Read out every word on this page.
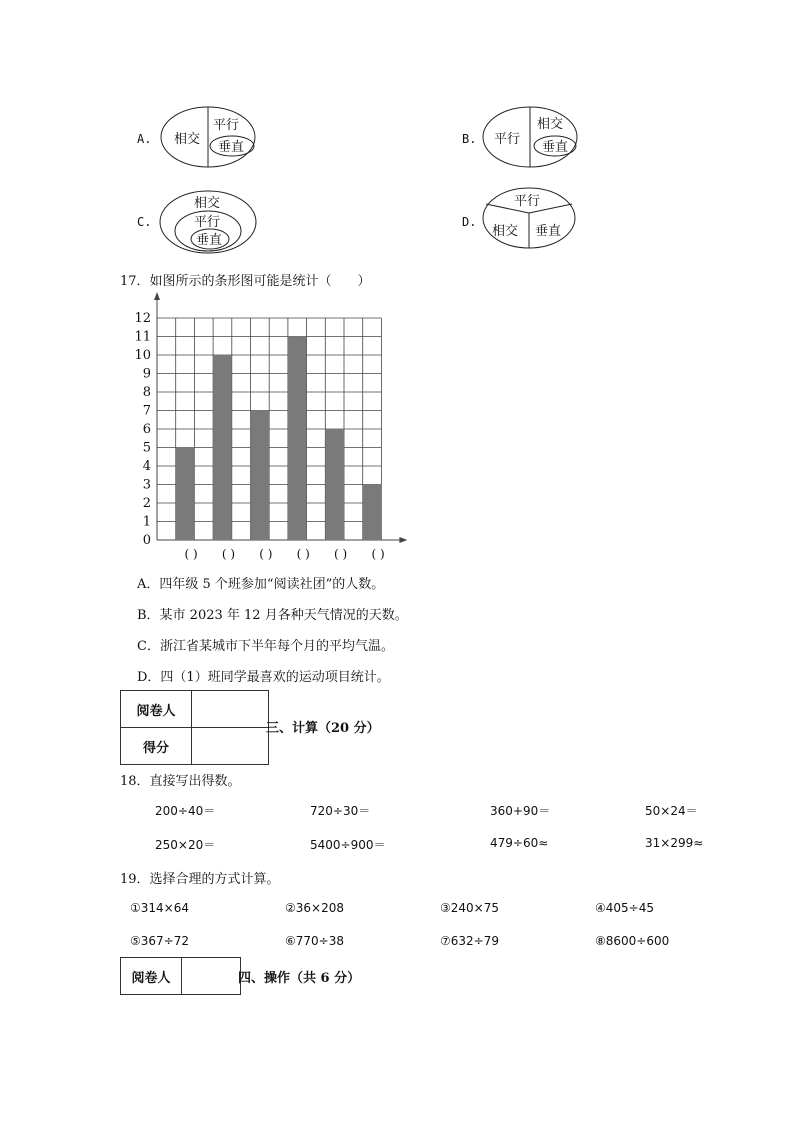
A. 相交
平行
垂直
B. 平行
相交
垂直
C.
相交
平行
垂直
D.
平行
相交 垂直
17．如图所示的条形图可能是统计（　　）
0
1
2
3
4
5
6
7
8
9
10
11
12
( ) ( ) ( ) ( ) ( ) ( )
A．四年级 5 个班参加“阅读社团”的人数。
B．某市 2023 年 12 月各种天气情况的天数。
C．浙江省某城市下半年每个月的平均气温。
D．四（1）班同学最喜欢的运动项目统计。
阅卷人	
得分	
三、计算（20 分）
18．直接写出得数。
200÷40＝	720÷30＝	360+90＝	50×24＝
250×20＝	5400÷900＝	479÷60≈	31×299≈
19．选择合理的方式计算。
①314×64	②36×208	③240×75	④405÷45
⑤367÷72	⑥770÷38	⑦632÷79	⑧8600÷600
阅卷人		四、操作（共 6 分）
